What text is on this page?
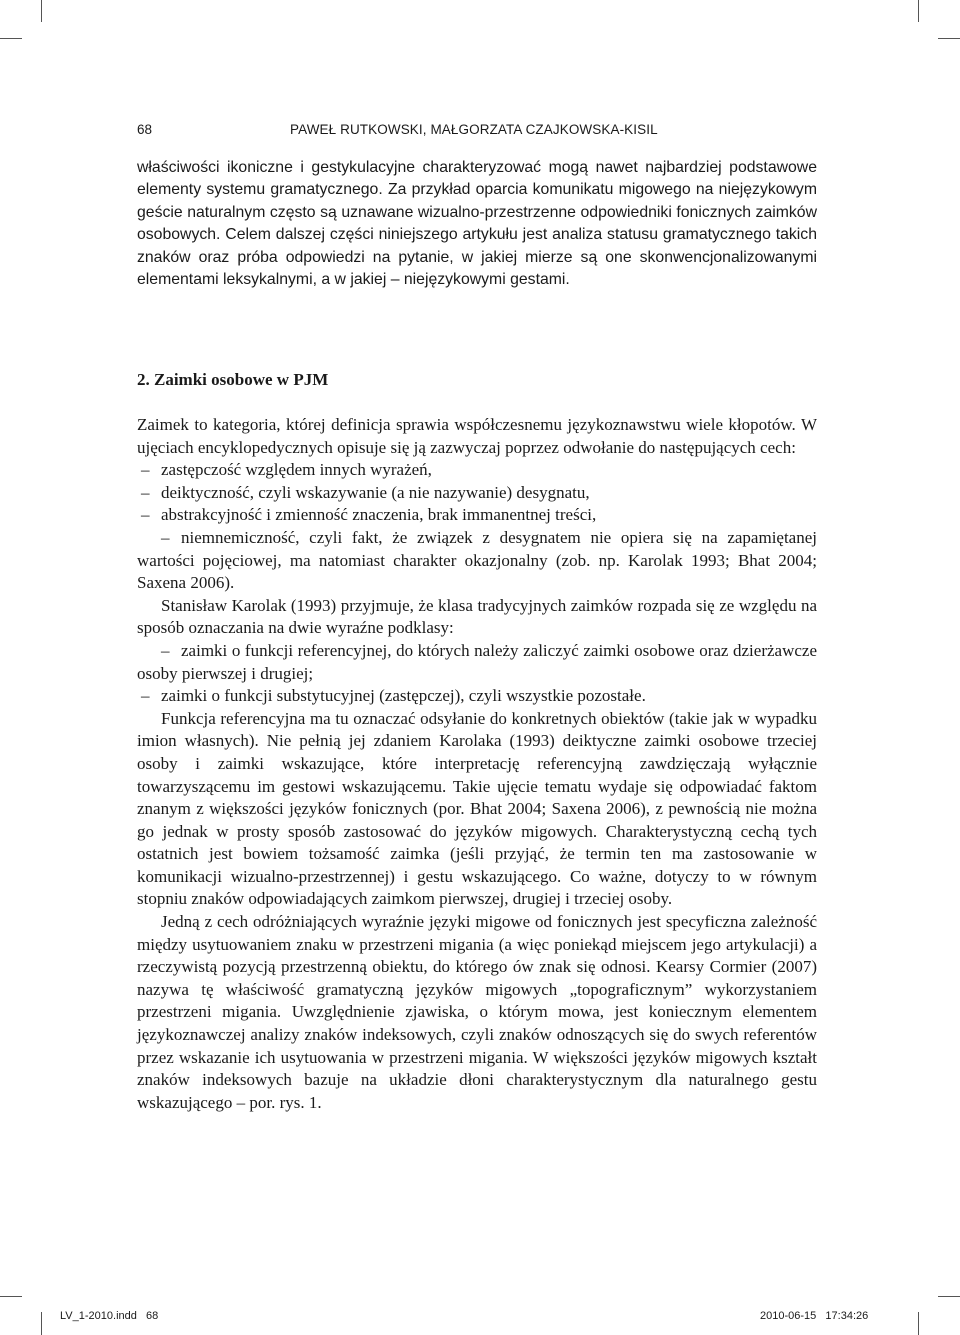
68	PAWEŁ RUTKOWSKI, MAŁGORZATA CZAJKOWSKA-KISIL

właściwości ikoniczne i gestykulacyjne charakteryzować mogą nawet najbardziej podstawowe elementy systemu gramatycznego. Za przykład oparcia komunikatu migowego na niejęzykowym geście naturalnym często są uznawane wizualno-przestrzenne odpowiedniki fonicznych zaimków osobowych. Celem dalszej części niniejszego artykułu jest analiza statusu gramatycznego takich znaków oraz próba odpowiedzi na pytanie, w jakiej mierze są one skonwencjonalizowanymi elementami leksykalnymi, a w jakiej – niejęzykowymi gestami.

2. Zaimki osobowe w PJM

Zaimek to kategoria, której definicja sprawia współczesnemu językoznawstwu wiele kłopotów. W ujęciach encyklopedycznych opisuje się ją zazwyczaj poprzez odwołanie do następujących cech:

– zastępczość względem innych wyrażeń,

– deiktyczność, czyli wskazywanie (a nie nazywanie) desygnatu,

– abstrakcyjność i zmienność znaczenia, brak immanentnej treści,

– niemnemiczność, czyli fakt, że związek z desygnatem nie opiera się na zapamiętanej wartości pojęciowej, ma natomiast charakter okazjonalny (zob. np. Karolak 1993; Bhat 2004; Saxena 2006).

Stanisław Karolak (1993) przyjmuje, że klasa tradycyjnych zaimków rozpada się ze względu na sposób oznaczania na dwie wyraźne podklasy:

– zaimki o funkcji referencyjnej, do których należy zaliczyć zaimki osobowe oraz dzierżawcze osoby pierwszej i drugiej;

– zaimki o funkcji substytucyjnej (zastępczej), czyli wszystkie pozostałe.

Funkcja referencyjna ma tu oznaczać odsyłanie do konkretnych obiektów (takie jak w wypadku imion własnych). Nie pełnią jej zdaniem Karolaka (1993) deiktyczne zaimki osobowe trzeciej osoby i zaimki wskazujące, które interpretację referencyjną zawdzięczają wyłącznie towarzyszącemu im gestowi wskazującemu. Takie ujęcie tematu wydaje się odpowiadać faktom znanym z większości języków fonicznych (por. Bhat 2004; Saxena 2006), z pewnością nie można go jednak w prosty sposób zastosować do języków migowych. Charakterystyczną cechą tych ostatnich jest bowiem tożsamość zaimka (jeśli przyjąć, że termin ten ma zastosowanie w komunikacji wizualno-przestrzennej) i gestu wskazującego. Co ważne, dotyczy to w równym stopniu znaków odpowiadających zaimkom pierwszej, drugiej i trzeciej osoby.

Jedną z cech odróżniających wyraźnie języki migowe od fonicznych jest specyficzna zależność między usytuowaniem znaku w przestrzeni migania (a więc poniekąd miejscem jego artykulacji) a rzeczywistą pozycją przestrzenną obiektu, do którego ów znak się odnosi. Kearsy Cormier (2007) nazywa tę właściwość gramatyczną języków migowych „topograficznym” wykorzystaniem przestrzeni migania. Uwzględnienie zjawiska, o którym mowa, jest koniecznym elementem językoznawczej analizy znaków indeksowych, czyli znaków odnoszących się do swych referentów przez wskazanie ich usytuowania w przestrzeni migania. W większości języków migowych kształt znaków indeksowych bazuje na układzie dłoni charakterystycznym dla naturalnego gestu wskazującego – por. rys. 1.

LV_1-2010.indd   68	2010-06-15   17:34:26
